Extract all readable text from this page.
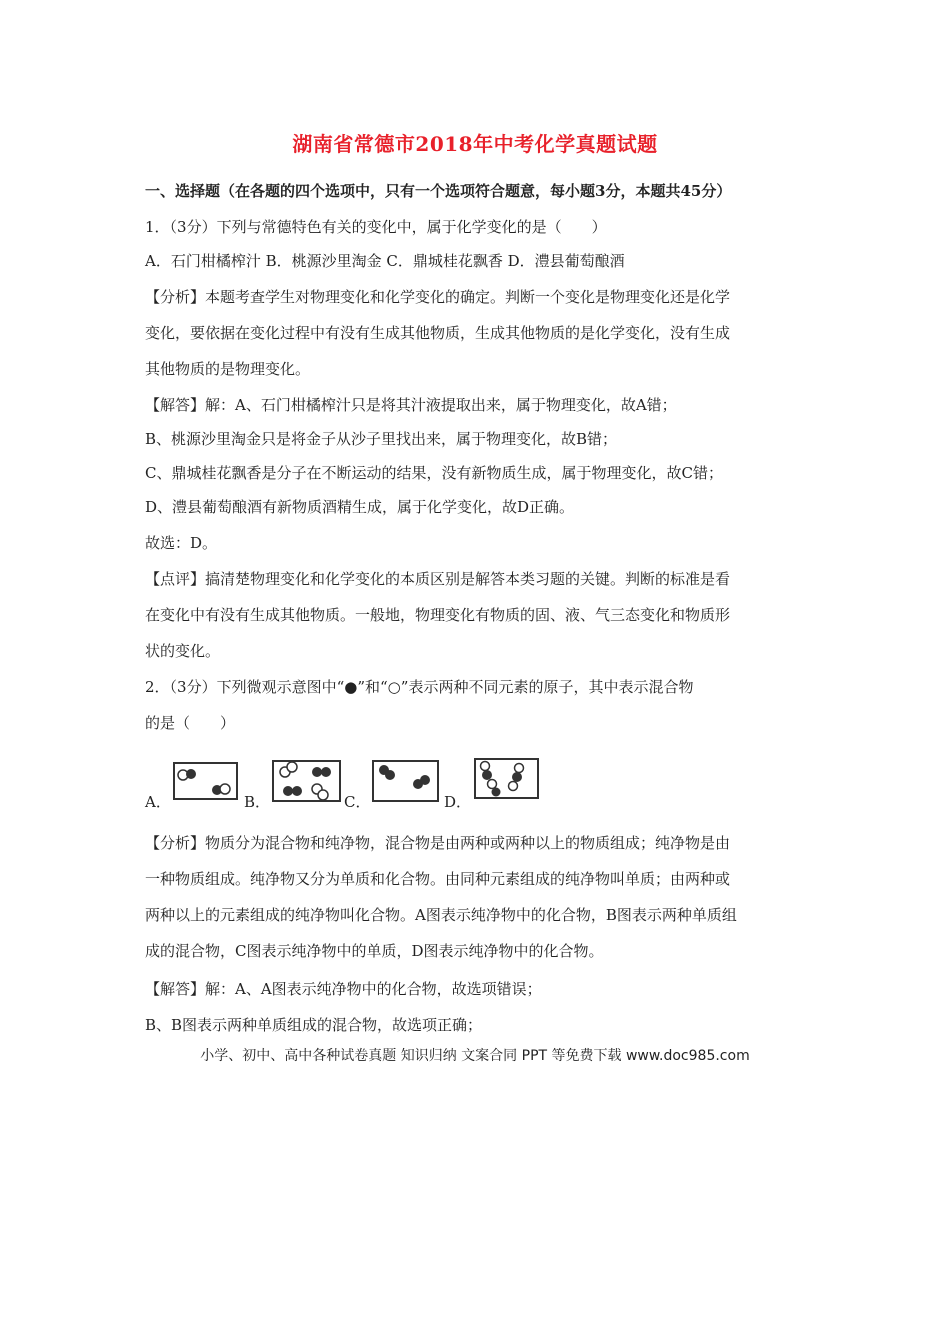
湖南省常德市2018年中考化学真题试题
一、选择题（在各题的四个选项中，只有一个选项符合题意，每小题3分，本题共45分）
1．（3分）下列与常德特色有关的变化中，属于化学变化的是（　　）
A．石门柑橘榨汁 B．桃源沙里淘金 C．鼎城桂花飘香 D．澧县葡萄酿酒
【分析】本题考查学生对物理变化和化学变化的确定。判断一个变化是物理变化还是化学
变化，要依据在变化过程中有没有生成其他物质，生成其他物质的是化学变化，没有生成
其他物质的是物理变化。
【解答】解：A、石门柑橘榨汁只是将其汁液提取出来，属于物理变化，故A错；
B、桃源沙里淘金只是将金子从沙子里找出来，属于物理变化，故B错；
C、鼎城桂花飘香是分子在不断运动的结果，没有新物质生成，属于物理变化，故C错；
D、澧县葡萄酿酒有新物质酒精生成，属于化学变化，故D正确。
故选：D。
【点评】搞清楚物理变化和化学变化的本质区别是解答本类习题的关键。判断的标准是看
在变化中有没有生成其他物质。一般地，物理变化有物质的固、液、气三态变化和物质形
状的变化。
2．（3分）下列微观示意图中“●”和“○”表示两种不同元素的原子，其中表示混合物
的是（　　）
A．	B．	C．	D．
【分析】物质分为混合物和纯净物，混合物是由两种或两种以上的物质组成；纯净物是由
一种物质组成。纯净物又分为单质和化合物。由同种元素组成的纯净物叫单质；由两种或
两种以上的元素组成的纯净物叫化合物。A图表示纯净物中的化合物，B图表示两种单质组
成的混合物，C图表示纯净物中的单质，D图表示纯净物中的化合物。
【解答】解：A、A图表示纯净物中的化合物，故选项错误；
B、B图表示两种单质组成的混合物，故选项正确；
小学、初中、高中各种试卷真题 知识归纳 文案合同 PPT 等免费下载 www.doc985.com
